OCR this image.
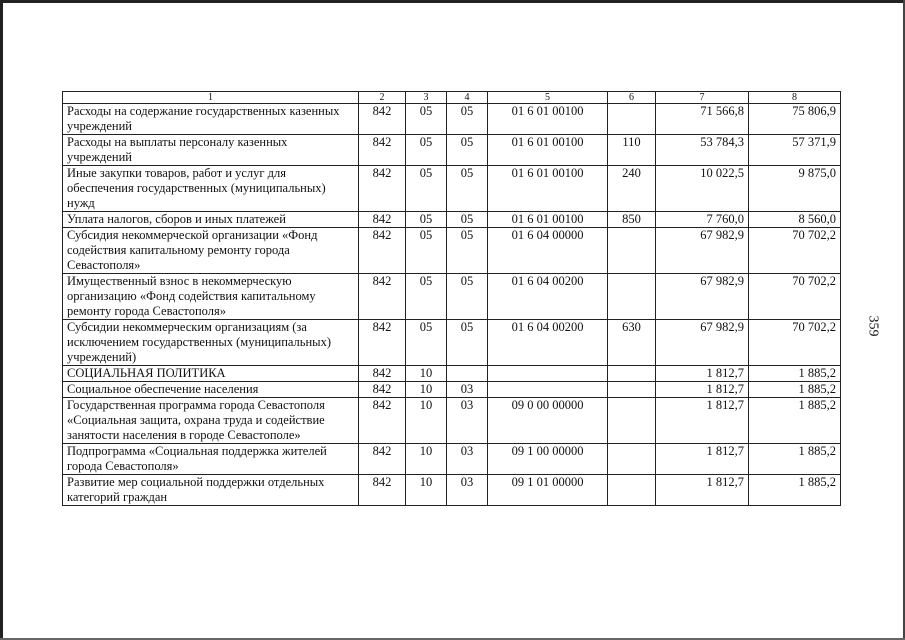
1	2	3	4	5	6	7	8
Расходы на содержание государственных казенных учреждений	842	05	05	01 6 01 00100		71 566,8	75 806,9
Расходы на выплаты персоналу казенных учреждений	842	05	05	01 6 01 00100	110	53 784,3	57 371,9
Иные закупки товаров, работ и услуг для обеспечения государственных (муниципальных) нужд	842	05	05	01 6 01 00100	240	10 022,5	9 875,0
Уплата налогов, сборов и иных платежей	842	05	05	01 6 01 00100	850	7 760,0	8 560,0
Субсидия некоммерческой организации «Фонд содействия капитальному ремонту города Севастополя»	842	05	05	01 6 04 00000		67 982,9	70 702,2
Имущественный взнос в некоммерческую организацию «Фонд содействия капитальному ремонту города Севастополя»	842	05	05	01 6 04 00200		67 982,9	70 702,2
Субсидии некоммерческим организациям (за исключением государственных (муниципальных) учреждений)	842	05	05	01 6 04 00200	630	67 982,9	70 702,2
СОЦИАЛЬНАЯ ПОЛИТИКА	842	10				1 812,7	1 885,2
Социальное обеспечение населения	842	10	03			1 812,7	1 885,2
Государственная программа города Севастополя «Социальная защита, охрана труда и содействие занятости населения в городе Севастополе»	842	10	03	09 0 00 00000		1 812,7	1 885,2
Подпрограмма «Социальная поддержка жителей города Севастополя»	842	10	03	09 1 00 00000		1 812,7	1 885,2
Развитие мер социальной поддержки отдельных категорий граждан	842	10	03	09 1 01 00000		1 812,7	1 885,2
359
